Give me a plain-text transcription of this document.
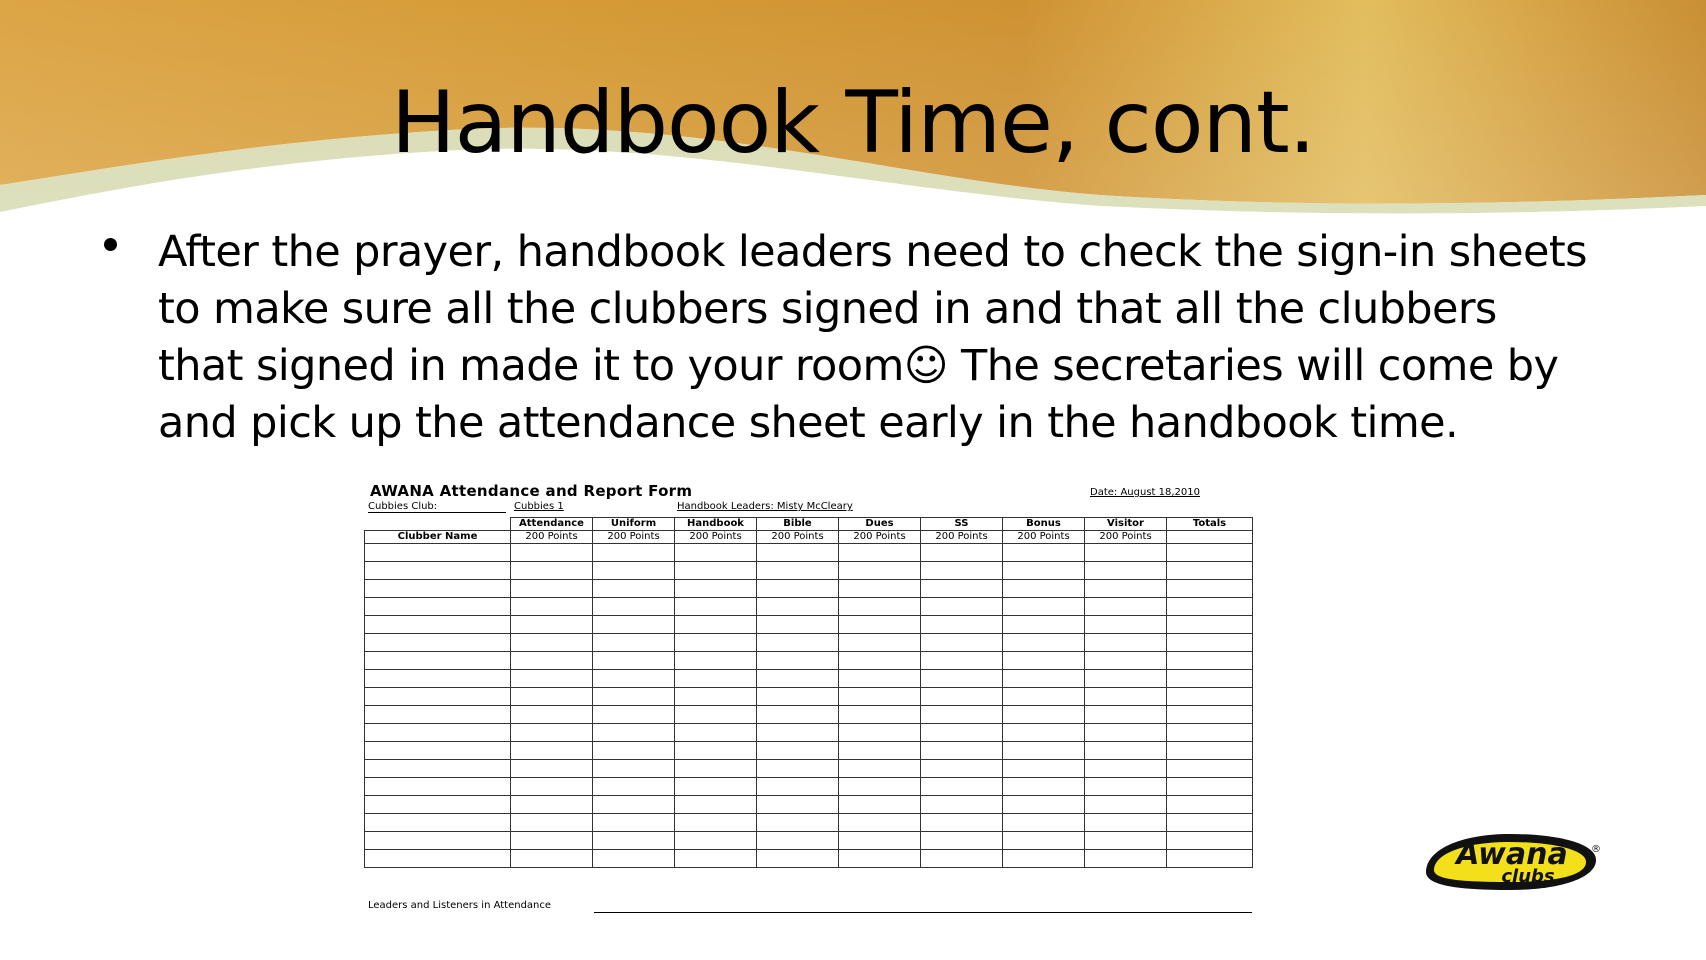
Handbook Time, cont.
After the prayer, handbook leaders need to check the sign-in sheets
to make sure all the clubbers signed in and that all the clubbers
that signed in made it to your room☺ The secretaries will come by
and pick up the attendance sheet early in the handbook time.
AWANA Attendance and Report Form	Date: August 18,2010
Cubbies Club:	Cubbies 1	Handbook Leaders: Misty McCleary
	Attendance	Uniform	Handbook	Bible	Dues	SS	Bonus	Visitor	Totals
Clubber Name	200 Points	200 Points	200 Points	200 Points	200 Points	200 Points	200 Points	200 Points	

Leaders and Listeners in Attendance
Awana
clubs
®
